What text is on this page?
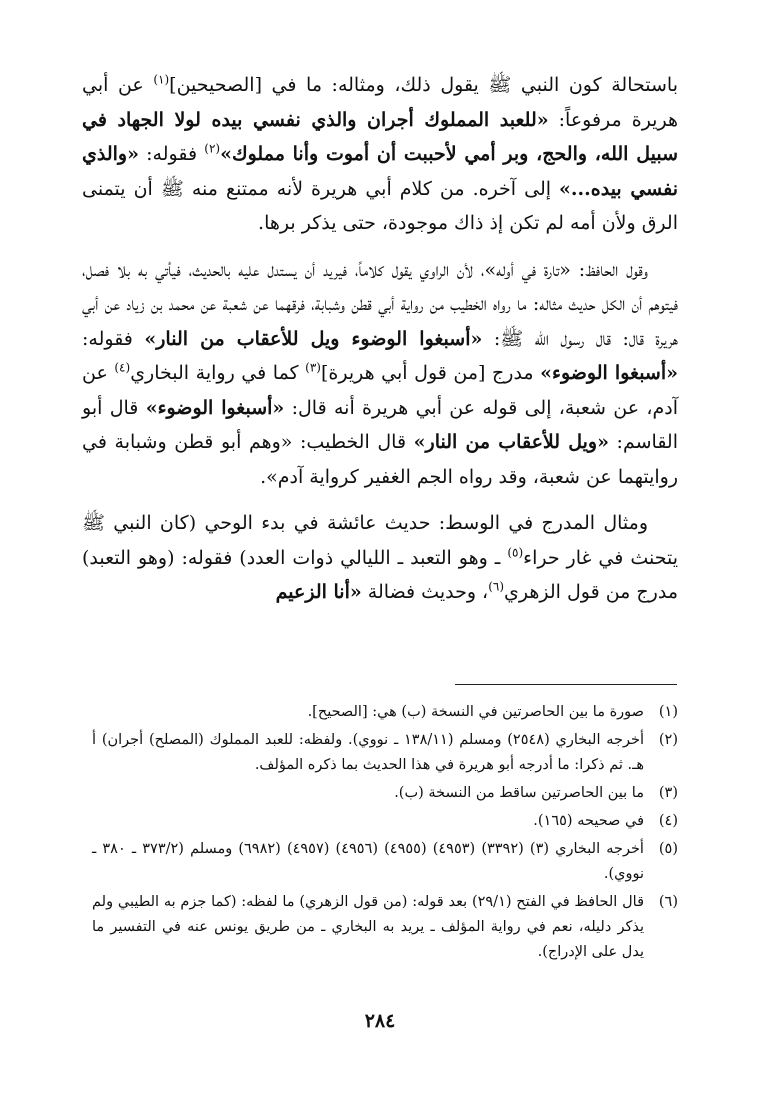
باستحالة كون النبي ﷺ يقول ذلك، ومثاله: ما في [الصحيحين]$^{(١)}$ عن أبي هريرة مرفوعاً: «للعبد المملوك أجران والذي نفسي بيده لولا الجهاد في سبيل الله، والحج، وبر أمي لأحببت أن أموت وأنا مملوك»$^{(٢)}$ فقوله: «والذي نفسي بيده...» إلى آخره. من كلام أبي هريرة لأنه ممتنع منه ﷺ أن يتمنى الرق ولأن أمه لم تكن إذ ذاك موجودة، حتى يذكر برها.

وقول الحافظ: «تارة في أوله»، لأن الراوي يقول كلاماً، فيريد أن يستدل عليه بالحديث، فيأتي به بلا فصل، فيتوهم أن الكل حديث مثاله: ما رواه الخطيب من رواية أبي قطن وشبابة، فرقهما عن شعبة عن محمد بن زياد عن أبي هريرة قال: قال رسول الله ﷺ: «أسبغوا الوضوء ويل للأعقاب من النار» فقوله: «أسبغوا الوضوء» مدرج [من قول أبي هريرة]$^{(٣)}$ كما في رواية البخاري$^{(٤)}$ عن آدم، عن شعبة، إلى قوله عن أبي هريرة أنه قال: «أسبغوا الوضوء» قال أبو القاسم: «ويل للأعقاب من النار» قال الخطيب: «وهم أبو قطن وشبابة في روايتهما عن شعبة، وقد رواه الجم الغفير كرواية آدم».

ومثال المدرج في الوسط: حديث عائشة في بدء الوحي (كان النبي ﷺ يتحنث في غار حراء$^{(٥)}$ ـ وهو التعبد ـ الليالي ذوات العدد) فقوله: (وهو التعبد) مدرج من قول الزهري$^{(٦)}$، وحديث فضالة «أنا الزعيم

(١)
صورة ما بين الحاصرتين في النسخة (ب) هي: [الصحيح].
(٢)
أخرجه البخاري (٢٥٤٨) ومسلم (١٣٨/١١ ـ نووي). ولفظه: للعبد المملوك (المصلح) أجران) أ هـ. ثم ذكرا: ما أدرجه أبو هريرة في هذا الحديث بما ذكره المؤلف.
(٣)
ما بين الحاصرتين ساقط من النسخة (ب).
(٤)
في صحيحه (١٦٥).
(٥)
أخرجه البخاري (٣) (٣٣٩٢) (٤٩٥٣) (٤٩٥٥) (٤٩٥٦) (٤٩٥٧) (٦٩٨٢) ومسلم (٣٧٣/٢ ـ ٣٨٠ ـ نووي).
(٦)
قال الحافظ في الفتح (٢٩/١) بعد قوله: (من قول الزهري) ما لفظه: (كما جزم به الطيبي ولم يذكر دليله، نعم في رواية المؤلف ـ يريد به البخاري ـ من طريق يونس عنه في التفسير ما يدل على الإدراج).
٢٨٤
